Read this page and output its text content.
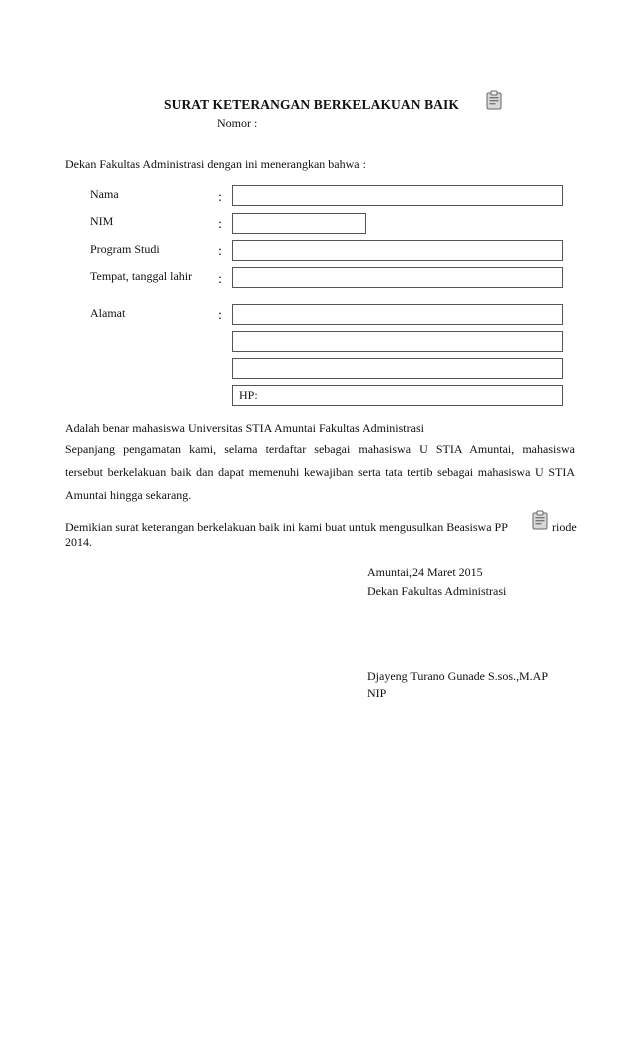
SURAT KETERANGAN BERKELAKUAN BAIK
Nomor :
Dekan Fakultas Administrasi dengan ini menerangkan bahwa :
Nama	:
NIM	:
Program Studi	:
Tempat, tanggal lahir :
Alamat	:
HP:
Adalah benar mahasiswa Universitas STIA Amuntai Fakultas Administrasi
Sepanjang pengamatan kami, selama terdaftar sebagai mahasiswa U STIA Amuntai, mahasiswa
tersebut berkelakuan baik dan dapat memenuhi kewajiban serta tata tertib sebagai mahasiswa U STIA
Amuntai hingga sekarang.
Demikian surat keterangan berkelakuan baik ini kami buat untuk mengusulkan Beasiswa PP	riode
2014.
Amuntai,24 Maret 2015
Dekan Fakultas Administrasi
Djayeng Turano Gunade S.sos.,M.AP
NIP
